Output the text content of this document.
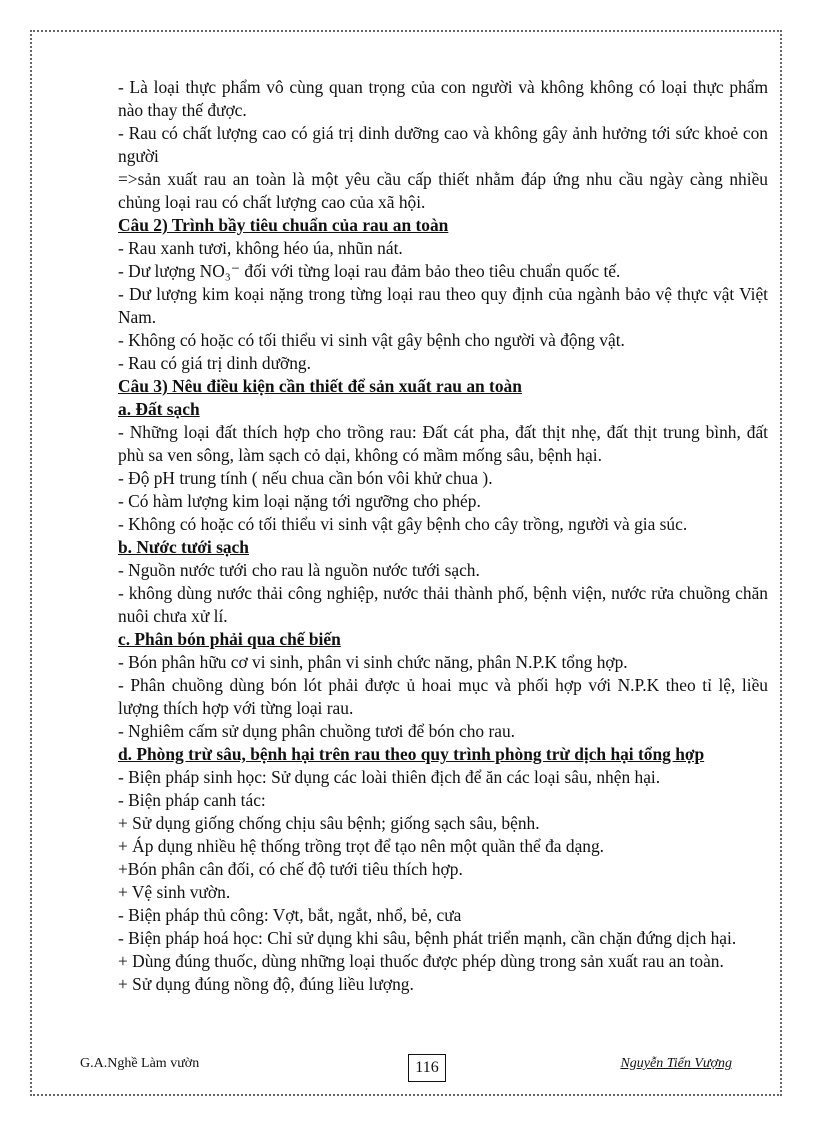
- Là loại thực phẩm vô cùng quan trọng của con người và không không có loại thực phẩm nào thay thế được.

- Rau có chất lượng cao có giá trị dinh dưỡng cao và không gây ảnh hưởng tới sức khoẻ con người

=>sản xuất rau an toàn là một yêu cầu cấp thiết nhằm đáp ứng nhu cầu ngày càng nhiều chủng loại rau có chất lượng cao của xã hội.

Câu 2) Trình bầy tiêu chuẩn của rau an toàn

- Rau xanh tươi, không héo úa, nhũn nát.

- Dư lượng NO₃⁻ đối với từng loại rau đảm bảo theo tiêu chuẩn quốc tế.

- Dư lượng kim koại nặng trong từng loại rau theo quy định của ngành bảo vệ thực vật Việt Nam.

- Không có hoặc có tối thiểu vi sinh vật gây bệnh cho người và động vật.

- Rau có giá trị dinh dưỡng.

Câu 3) Nêu điều kiện cần thiết để sản xuất rau an toàn

a. Đất sạch

- Những loại đất thích hợp cho trồng rau: Đất cát pha, đất thịt nhẹ, đất thịt trung bình, đất phù sa ven sông, làm sạch cỏ dại, không có mầm mống sâu, bệnh hại.

- Độ pH trung tính ( nếu chua cần bón vôi khử chua ).

- Có hàm lượng kim loại nặng tới ngưỡng cho phép.

- Không có hoặc có tối thiểu vi sinh vật gây bệnh cho cây trồng, người và gia súc.

b. Nước tưới sạch

- Nguồn nước tưới cho rau là nguồn nước tưới sạch.

- không dùng nước thải công nghiệp, nước thải thành phố, bệnh viện, nước rửa chuồng chăn nuôi chưa xử lí.

c. Phân bón phải qua chế biến

- Bón phân hữu cơ vi sinh, phân vi sinh chức năng, phân N.P.K tổng hợp.

- Phân chuồng dùng bón lót phải được ủ hoai mục và phối hợp với N.P.K theo tỉ lệ, liều lượng thích hợp với từng loại rau.

- Nghiêm cấm sử dụng phân chuồng tươi để bón cho rau.

d. Phòng trừ sâu, bệnh hại trên rau theo quy trình phòng trừ dịch hại tổng hợp

- Biện pháp sinh học: Sử dụng các loài thiên địch để ăn các loại sâu, nhện hại.

- Biện pháp canh tác:

+ Sử dụng giống chống chịu sâu bệnh; giống sạch sâu, bệnh.

+ Áp dụng nhiều hệ thống trồng trọt để tạo nên một quần thể đa dạng.

+Bón phân cân đối, có chế độ tưới tiêu thích hợp.

+ Vệ sinh vườn.

- Biện pháp thủ công: Vợt, bắt, ngắt, nhổ, bẻ, cưa

- Biện pháp hoá học: Chỉ sử dụng khi sâu, bệnh phát triển mạnh, cần chặn đứng dịch hại.

+ Dùng đúng thuốc, dùng những loại thuốc được phép dùng trong sản xuất rau an toàn.

+ Sử dụng đúng nồng độ, đúng liều lượng.

G.A.Nghề Làm vườn	116	Nguyễn Tiến Vượng
